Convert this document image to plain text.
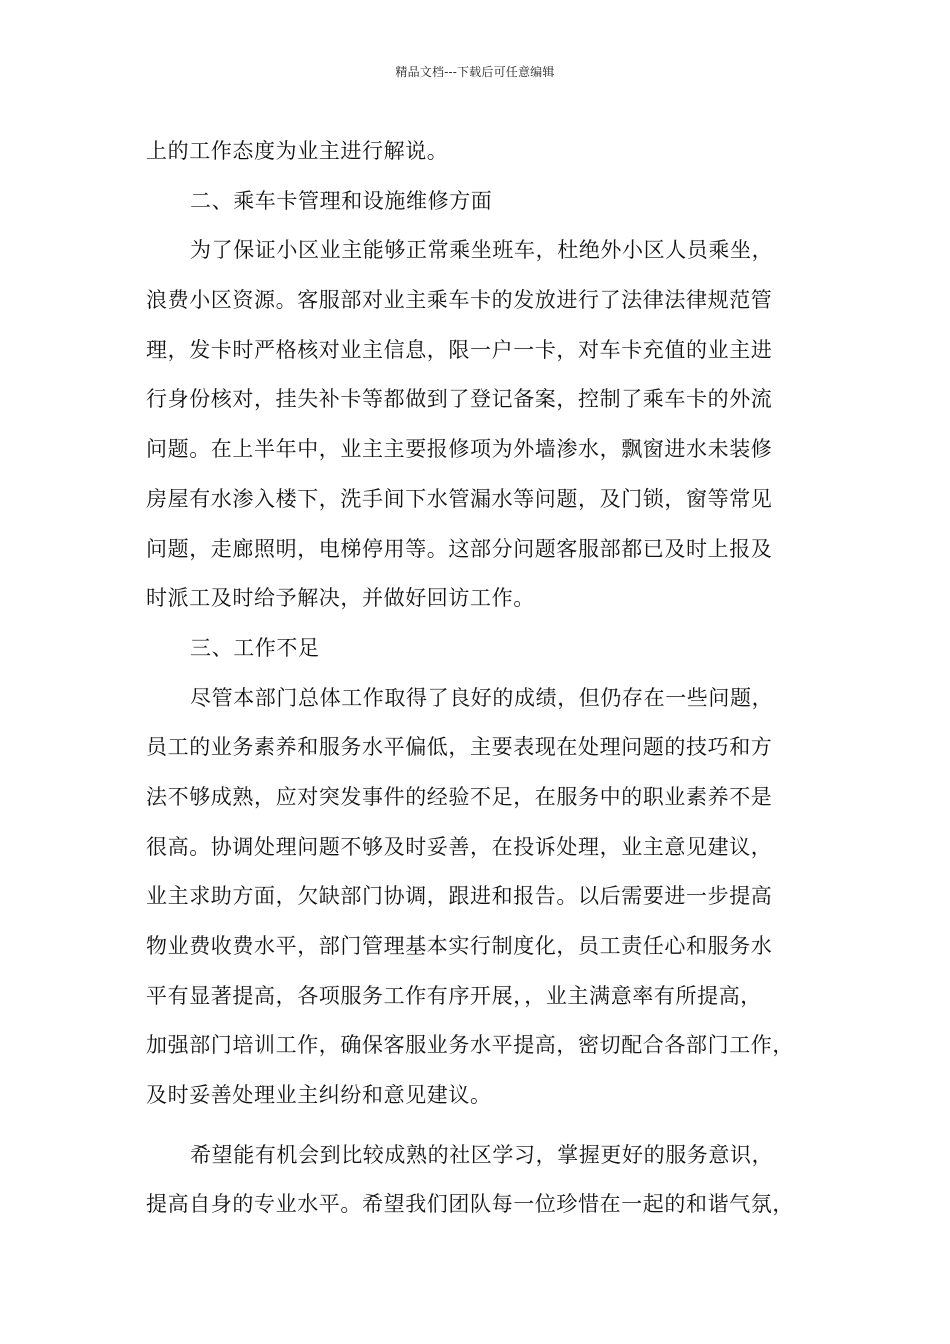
精品文档---下载后可任意编辑
上的工作态度为业主进行解说。
二、乘车卡管理和设施维修方面
为了保证小区业主能够正常乘坐班车，杜绝外小区人员乘坐，
浪费小区资源。客服部对业主乘车卡的发放进行了法律法律规范管
理，发卡时严格核对业主信息，限一户一卡，对车卡充值的业主进
行身份核对，挂失补卡等都做到了登记备案，控制了乘车卡的外流
问题。在上半年中，业主主要报修项为外墙渗水，飘窗进水未装修
房屋有水渗入楼下，洗手间下水管漏水等问题，及门锁，窗等常见
问题，走廊照明，电梯停用等。这部分问题客服部都已及时上报及
时派工及时给予解决，并做好回访工作。
三、工作不足
尽管本部门总体工作取得了良好的成绩，但仍存在一些问题，
员工的业务素养和服务水平偏低，主要表现在处理问题的技巧和方
法不够成熟，应对突发事件的经验不足，在服务中的职业素养不是
很高。协调处理问题不够及时妥善，在投诉处理，业主意见建议，
业主求助方面，欠缺部门协调，跟进和报告。以后需要进一步提高
物业费收费水平，部门管理基本实行制度化，员工责任心和服务水
平有显著提高，各项服务工作有序开展，，业主满意率有所提高，
加强部门培训工作，确保客服业务水平提高，密切配合各部门工作，
及时妥善处理业主纠纷和意见建议。
希望能有机会到比较成熟的社区学习，掌握更好的服务意识，
提高自身的专业水平。希望我们团队每一位珍惜在一起的和谐气氛，
